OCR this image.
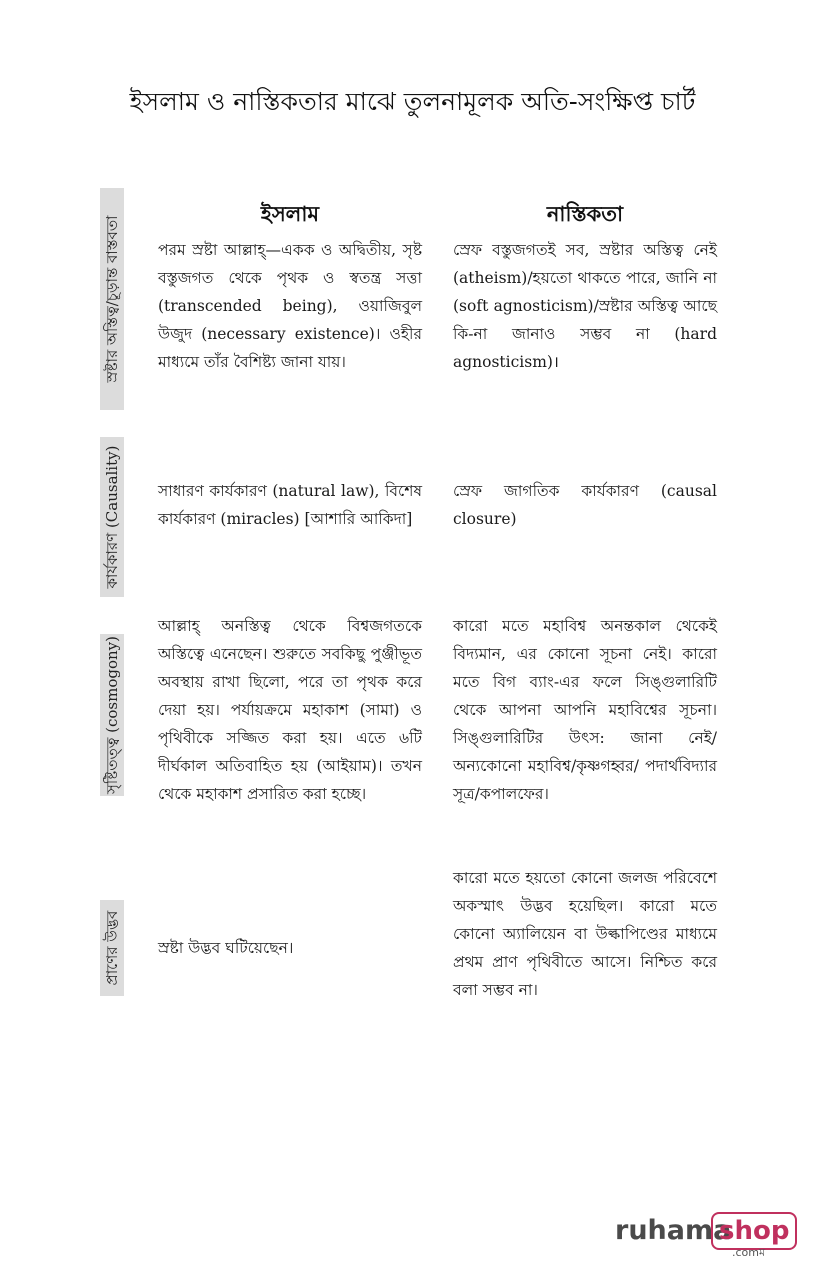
ইসলাম ও নাস্তিকতার মাঝে তুলনামূলক অতি-সংক্ষিপ্ত চার্ট
ইসলাম	নাস্তিকতা
স্রষ্টার অস্তিত্ব/চূড়ান্ত বাস্তবতা পরম স্রষ্টা আল্লাহ্—একক ও অদ্বিতীয়, সৃষ্ট বস্তুজগত থেকে পৃথক ও স্বতন্ত্র সত্তা (transcended being), ওয়াজিবুল উজুদ (necessary existence)। ওহীর মাধ্যমে তাঁর বৈশিষ্ট্য জানা যায়।
স্রেফ বস্তুজগতই সব, স্রষ্টার অস্তিত্ব নেই (atheism)/হয়তো থাকতে পারে, জানি না (soft agnosticism)/স্রষ্টার অস্তিত্ব আছে কি-না জানাও সম্ভব না (hard agnosticism)।
কার্যকারণ (Causality) সাধারণ কার্যকারণ (natural law), বিশেষ কার্যকারণ (miracles) [আশারি আকিদা]
স্রেফ জাগতিক কার্যকারণ (causal closure)
সৃষ্টিতত্ত্ব (cosmogony)
আল্লাহ্ অনস্তিত্ব থেকে বিশ্বজগতকে অস্তিত্বে এনেছেন। শুরুতে সবকিছু পুঞ্জীভূত অবস্থায় রাখা ছিলো, পরে তা পৃথক করে দেয়া হয়। পর্যায়ক্রমে মহাকাশ (সামা) ও পৃথিবীকে সজ্জিত করা হয়। এতে ৬টি দীর্ঘকাল অতিবাহিত হয় (আইয়াম)। তখন থেকে মহাকাশ প্রসারিত করা হচ্ছে।
কারো মতে মহাবিশ্ব অনন্তকাল থেকেই বিদ্যমান, এর কোনো সূচনা নেই। কারো মতে বিগ ব্যাং-এর ফলে সিঙ্গুলারিটি থেকে আপনা আপনি মহাবিশ্বের সূচনা। সিঙ্গুলারিটির উৎস: জানা নেই/অন্যকোনো মহাবিশ্ব/কৃষ্ণগহ্বর/ পদার্থবিদ্যার সূত্র/কপালফের।
প্রাণের উদ্ভব স্রষ্টা উদ্ভব ঘটিয়েছেন।
কারো মতে হয়তো কোনো জলজ পরিবেশে অকস্মাৎ উদ্ভব হয়েছিল। কারো মতে কোনো অ্যালিয়েন বা উল্কাপিণ্ডের মাধ্যমে প্রথম প্রাণ পৃথিবীতে আসে। নিশ্চিত করে বলা সম্ভব না।
ruhama
shop
.comম
